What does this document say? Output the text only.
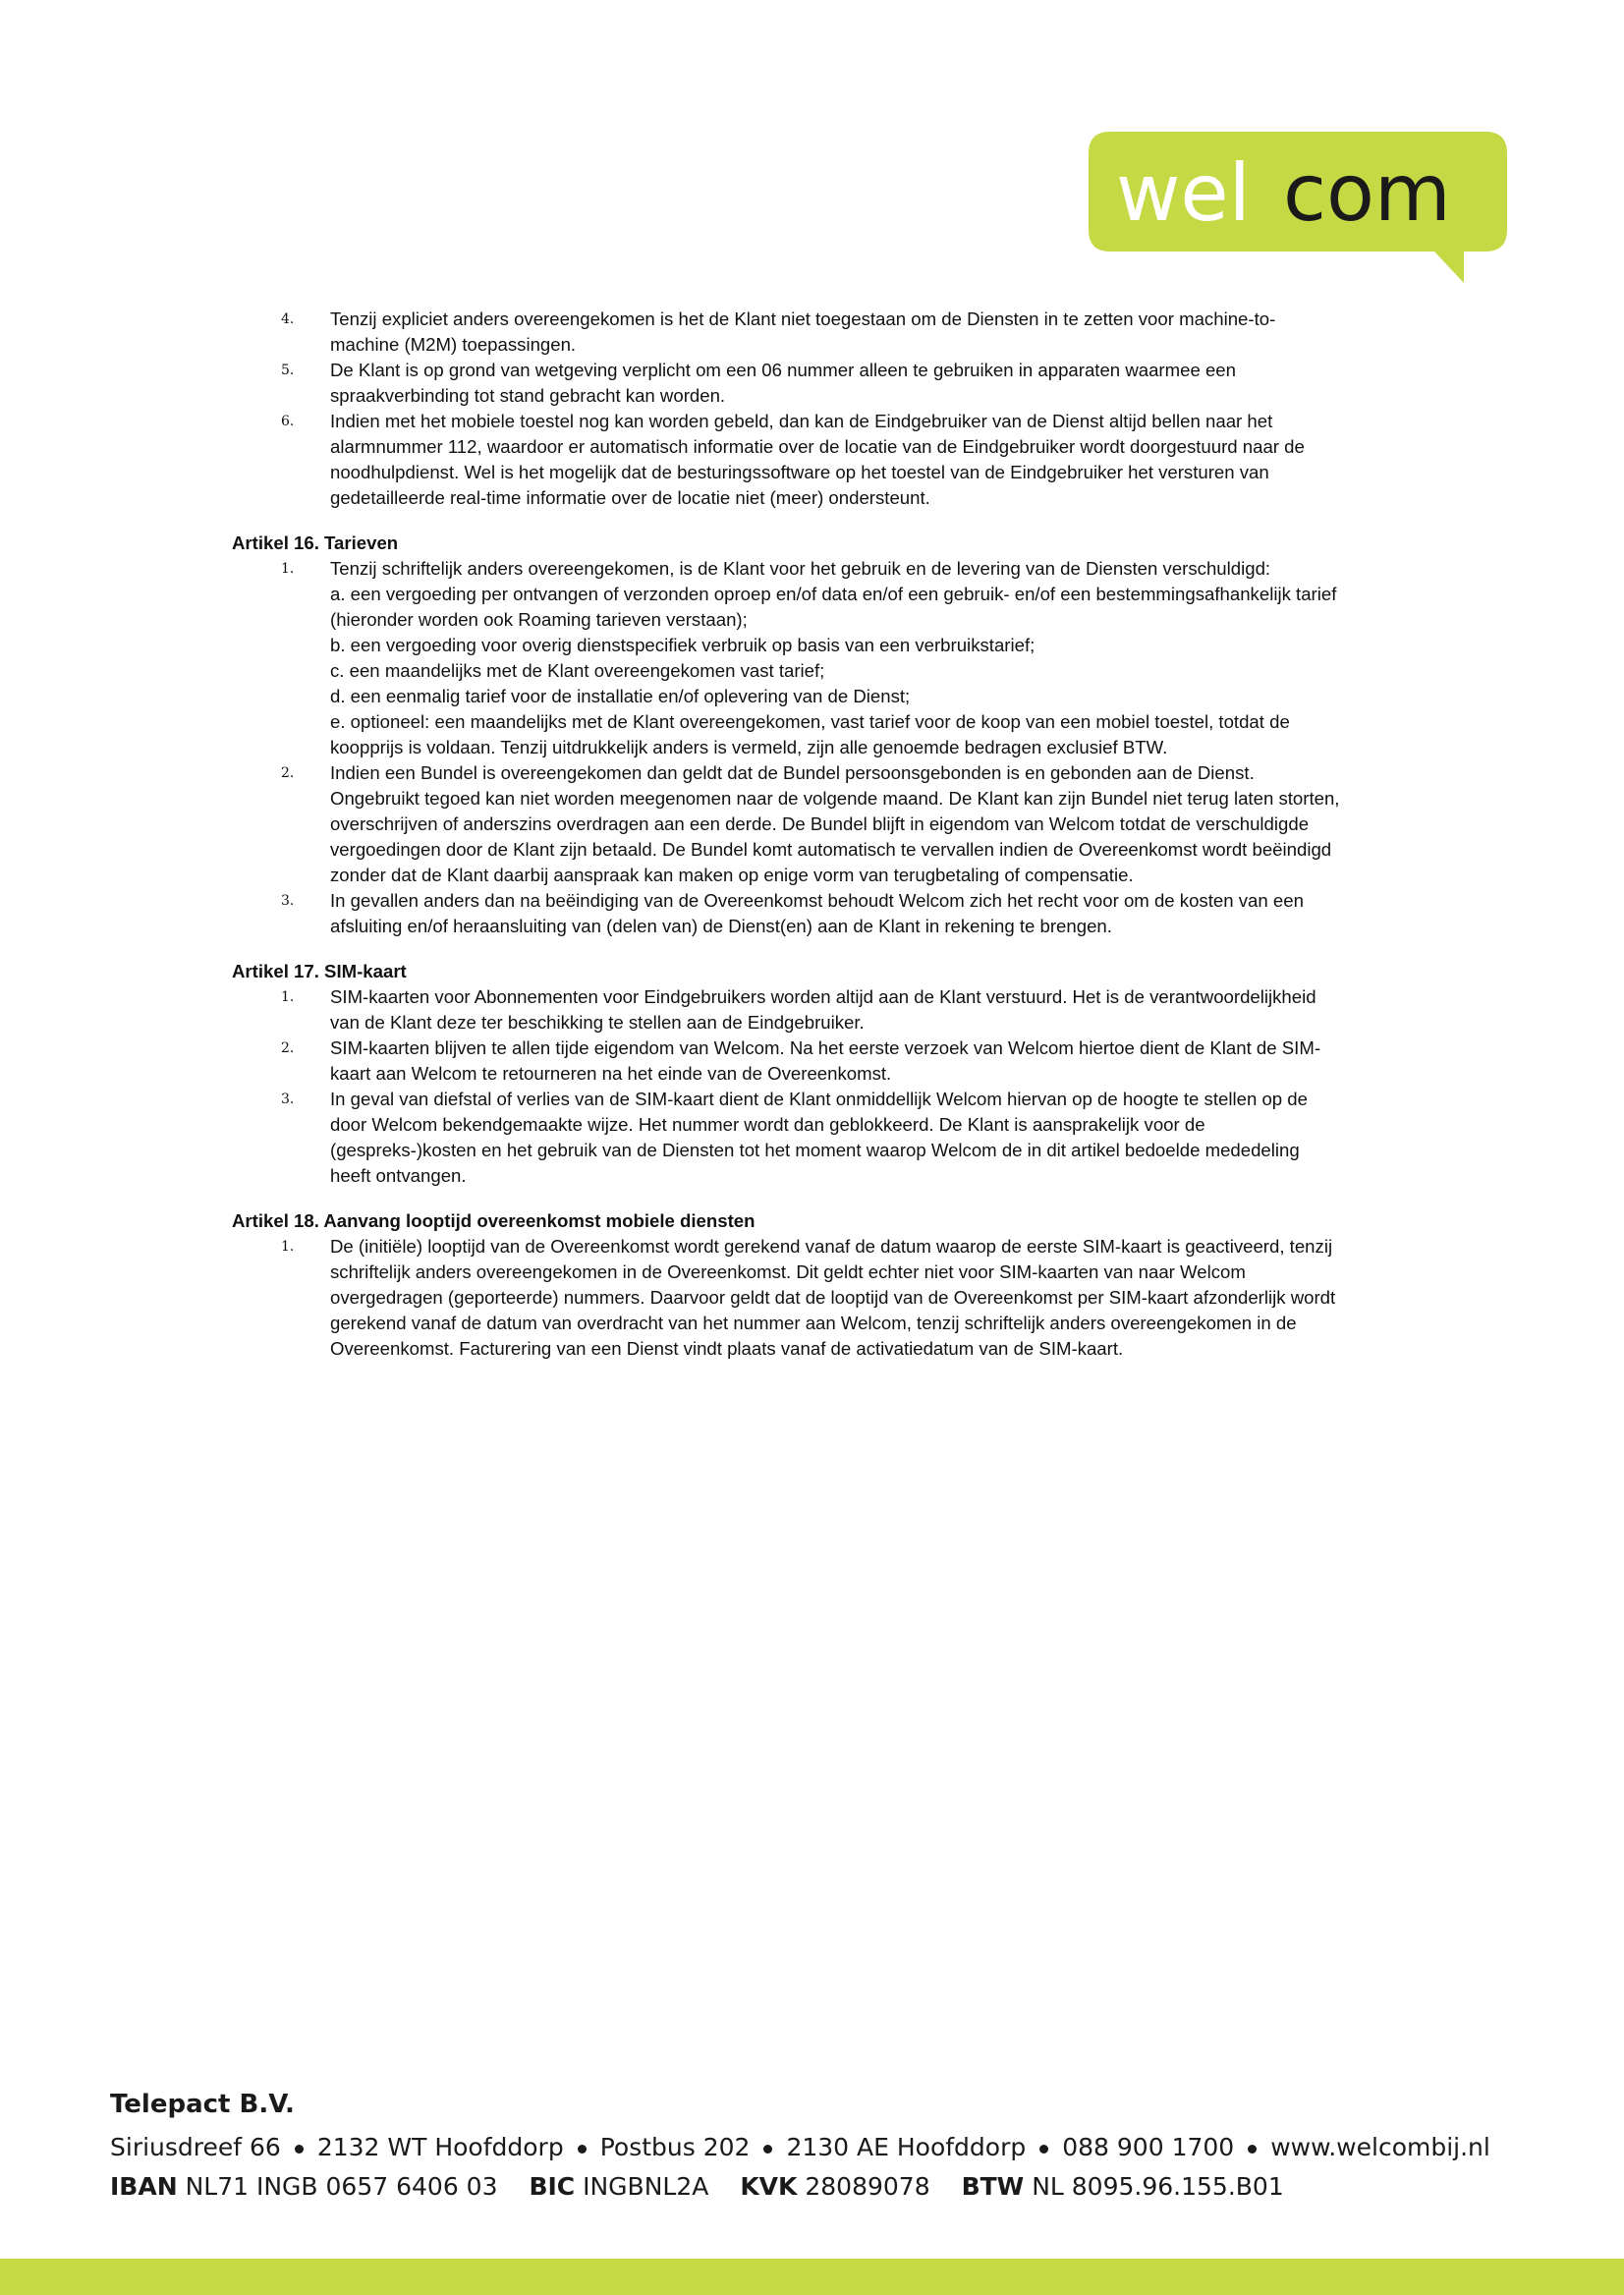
wel com
4. Tenzij expliciet anders overeengekomen is het de Klant niet toegestaan om de Diensten in te zetten voor machine-to-
machine (M2M) toepassingen.
5. De Klant is op grond van wetgeving verplicht om een 06 nummer alleen te gebruiken in apparaten waarmee een
spraakverbinding tot stand gebracht kan worden.
6. Indien met het mobiele toestel nog kan worden gebeld, dan kan de Eindgebruiker van de Dienst altijd bellen naar het
alarmnummer 112, waardoor er automatisch informatie over de locatie van de Eindgebruiker wordt doorgestuurd naar de
noodhulpdienst. Wel is het mogelijk dat de besturingssoftware op het toestel van de Eindgebruiker het versturen van
gedetailleerde real-time informatie over de locatie niet (meer) ondersteunt.
Artikel 16. Tarieven
1. Tenzij schriftelijk anders overeengekomen, is de Klant voor het gebruik en de levering van de Diensten verschuldigd:
a. een vergoeding per ontvangen of verzonden oproep en/of data en/of een gebruik- en/of een bestemmingsafhankelijk tarief
(hieronder worden ook Roaming tarieven verstaan);
b. een vergoeding voor overig dienstspecifiek verbruik op basis van een verbruikstarief;
c. een maandelijks met de Klant overeengekomen vast tarief;
d. een eenmalig tarief voor de installatie en/of oplevering van de Dienst;
e. optioneel: een maandelijks met de Klant overeengekomen, vast tarief voor de koop van een mobiel toestel, totdat de
koopprijs is voldaan. Tenzij uitdrukkelijk anders is vermeld, zijn alle genoemde bedragen exclusief BTW.
2. Indien een Bundel is overeengekomen dan geldt dat de Bundel persoonsgebonden is en gebonden aan de Dienst.
Ongebruikt tegoed kan niet worden meegenomen naar de volgende maand. De Klant kan zijn Bundel niet terug laten storten,
overschrijven of anderszins overdragen aan een derde. De Bundel blijft in eigendom van Welcom totdat de verschuldigde
vergoedingen door de Klant zijn betaald. De Bundel komt automatisch te vervallen indien de Overeenkomst wordt beëindigd
zonder dat de Klant daarbij aanspraak kan maken op enige vorm van terugbetaling of compensatie.
3. In gevallen anders dan na beëindiging van de Overeenkomst behoudt Welcom zich het recht voor om de kosten van een
afsluiting en/of heraansluiting van (delen van) de Dienst(en) aan de Klant in rekening te brengen.
Artikel 17. SIM-kaart
1. SIM-kaarten voor Abonnementen voor Eindgebruikers worden altijd aan de Klant verstuurd. Het is de verantwoordelijkheid
van de Klant deze ter beschikking te stellen aan de Eindgebruiker.
2. SIM-kaarten blijven te allen tijde eigendom van Welcom. Na het eerste verzoek van Welcom hiertoe dient de Klant de SIM-
kaart aan Welcom te retourneren na het einde van de Overeenkomst.
3. In geval van diefstal of verlies van de SIM-kaart dient de Klant onmiddellijk Welcom hiervan op de hoogte te stellen op de
door Welcom bekendgemaakte wijze. Het nummer wordt dan geblokkeerd. De Klant is aansprakelijk voor de
(gespreks-)kosten en het gebruik van de Diensten tot het moment waarop Welcom de in dit artikel bedoelde mededeling
heeft ontvangen.
Artikel 18. Aanvang looptijd overeenkomst mobiele diensten
1. De (initiële) looptijd van de Overeenkomst wordt gerekend vanaf de datum waarop de eerste SIM-kaart is geactiveerd, tenzij
schriftelijk anders overeengekomen in de Overeenkomst. Dit geldt echter niet voor SIM-kaarten van naar Welcom
overgedragen (geporteerde) nummers. Daarvoor geldt dat de looptijd van de Overeenkomst per SIM-kaart afzonderlijk wordt
gerekend vanaf de datum van overdracht van het nummer aan Welcom, tenzij schriftelijk anders overeengekomen in de
Overeenkomst. Facturering van een Dienst vindt plaats vanaf de activatiedatum van de SIM-kaart.
Telepact B.V.
Siriusdreef 66 2132 WT Hoofddorp Postbus 202 2130 AE Hoofddorp 088 900 1700 www.welcombij.nl
IBAN NL71 INGB 0657 6406 03 BIC INGBNL2A KVK 28089078 BTW NL 8095.96.155.B01
